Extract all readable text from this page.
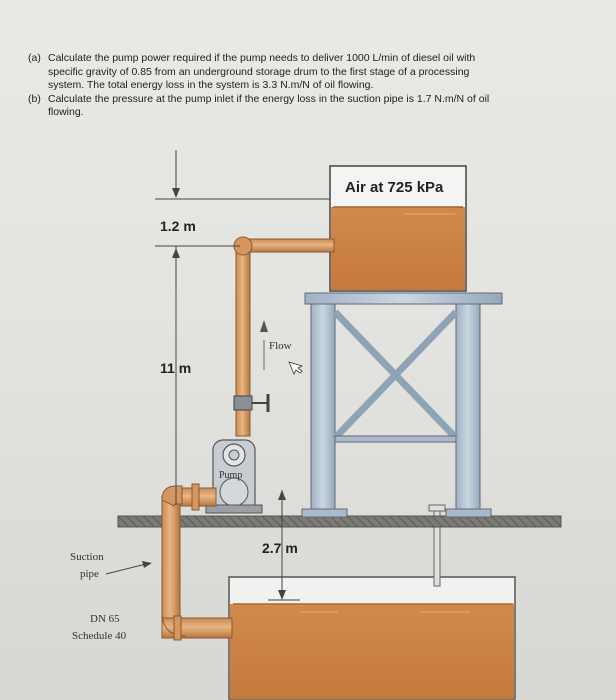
(a) Calculate the pump power required if the pump needs to deliver 1000 L/min of diesel oil with
specific gravity of 0.85 from an underground storage drum to the first stage of a processing
system. The total energy loss in the system is 3.3 N.m/N of oil flowing.
(b) Calculate the pressure at the pump inlet if the energy loss in the suction pipe is 1.7 N.m/N of oil
flowing.
Air at 725 kPa
Flow
Pump
1.2 m
11 m
2.7 m
Suction
pipe
DN 65
Schedule 40
